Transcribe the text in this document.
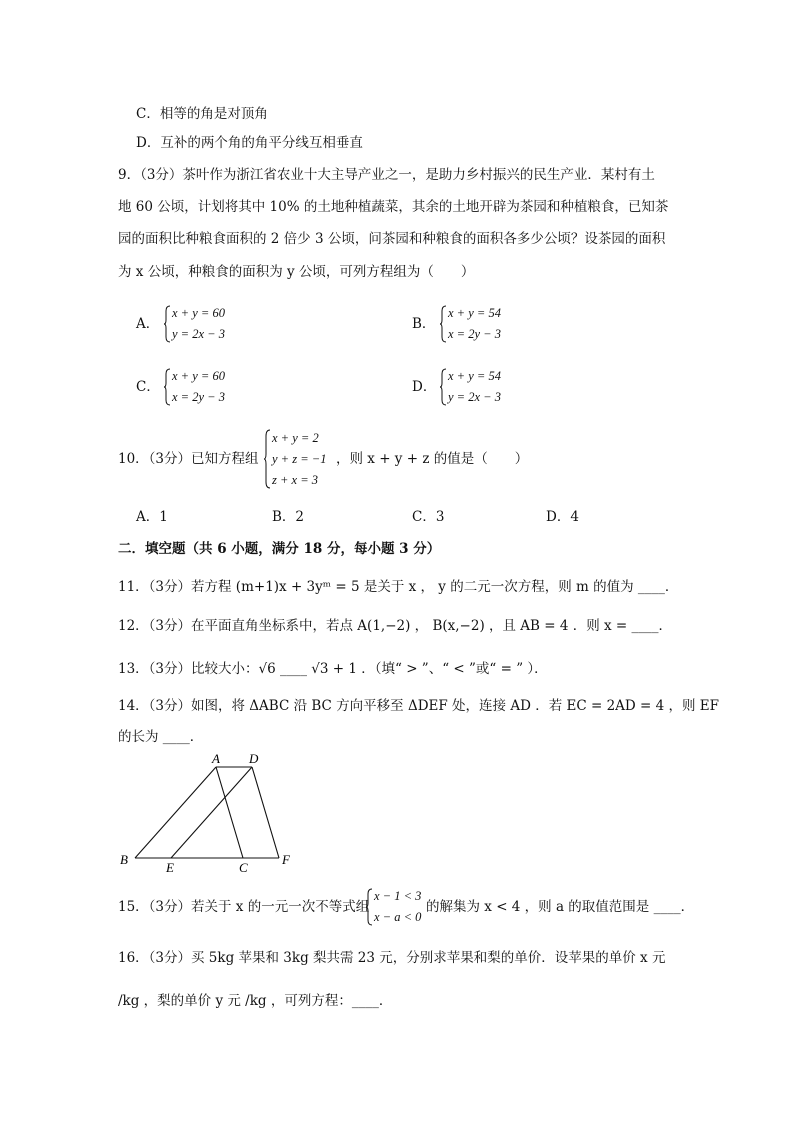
C．相等的角是对顶角
D．互补的两个角的角平分线互相垂直
9．（3分）茶叶作为浙江省农业十大主导产业之一，是助力乡村振兴的民生产业．某村有土
地 60 公顷，计划将其中 10% 的土地种植蔬菜，其余的土地开辟为茶园和种植粮食，已知茶
园的面积比种粮食面积的 2 倍少 3 公顷，问茶园和种粮食的面积各多少公顷？设茶园的面积
为 x 公顷，种粮食的面积为 y 公顷，可列方程组为（　　）
A．
x + y = 60
y = 2x − 3
B．
x + y = 54
x = 2y − 3
C．
x + y = 60
x = 2y − 3
D．
x + y = 54
y = 2x − 3
10．（3分）已知方程组
x + y = 2
y + z = −1
z + x = 3
，则 x + y + z 的值是（　　）
A．1	B．2	C．3	D．4
二．填空题（共 6 小题，满分 18 分，每小题 3 分）
11．（3分）若方程 (m+1)x + 3yᵐ = 5 是关于 x ， y 的二元一次方程，则 m 的值为 ____．
12．（3分）在平面直角坐标系中，若点 A(1,−2) ， B(x,−2) ，且 AB = 4 ．则 x = ____．
13．（3分）比较大小：√6 ____ √3 + 1 ．（填“ > ”、“ < ”或“ = ” ）．
14．（3分）如图，将 ΔABC 沿 BC 方向平移至 ΔDEF 处，连接 AD ．若 EC = 2AD = 4 ，则 EF
的长为 ____．
A D
B
E	C
F
15．（3分）若关于 x 的一元一次不等式组
x − 1 < 3
x − a < 0
的解集为 x < 4 ，则 a 的取值范围是 ____．
16．（3分）买 5kg 苹果和 3kg 梨共需 23 元，分别求苹果和梨的单价．设苹果的单价 x 元
/kg ，梨的单价 y 元 /kg ，可列方程：____．
